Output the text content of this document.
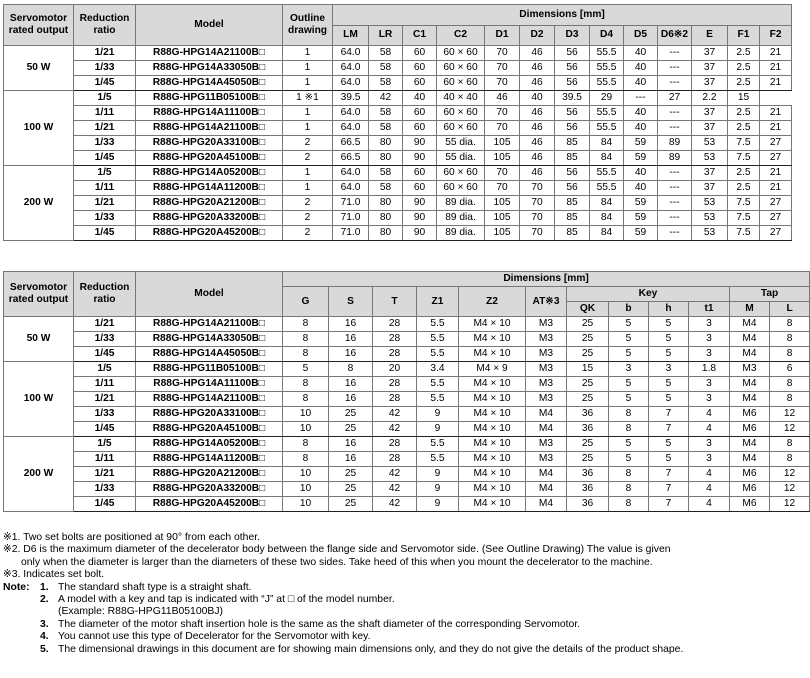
Servomotor rated output	Reduction ratio	Model	Outline drawing	Dimensions [mm]												
				LM	LR	C1	C2	D1	D2	D3	D4	D5	D6※2	E	F1	F2
50 W	1/21	R88G-HPG14A21100B□	1	64.0	58	60	60 × 60	70	46	56	55.5	40	---	37	2.5	21
	1/33	R88G-HPG14A33050B□	1	64.0	58	60	60 × 60	70	46	56	55.5	40	---	37	2.5	21
	1/45	R88G-HPG14A45050B□	1	64.0	58	60	60 × 60	70	46	56	55.5	40	---	37	2.5	21
100 W	1/5	R88G-HPG11B05100B□	1 ※1	39.5	42	40	40 × 40	46	40	39.5	29	---	27	2.2	15	
	1/11	R88G-HPG14A11100B□	1	64.0	58	60	60 × 60	70	46	56	55.5	40	---	37	2.5	21
	1/21	R88G-HPG14A21100B□	1	64.0	58	60	60 × 60	70	46	56	55.5	40	---	37	2.5	21
	1/33	R88G-HPG20A33100B□	2	66.5	80	90	55 dia.	105	46	85	84	59	89	53	7.5	27
	1/45	R88G-HPG20A45100B□	2	66.5	80	90	55 dia.	105	46	85	84	59	89	53	7.5	27
200 W	1/5	R88G-HPG14A05200B□	1	64.0	58	60	60 × 60	70	46	56	55.5	40	---	37	2.5	21
	1/11	R88G-HPG14A11200B□	1	64.0	58	60	60 × 60	70	70	56	55.5	40	---	37	2.5	21
	1/21	R88G-HPG20A21200B□	2	71.0	80	90	89 dia.	105	70	85	84	59	---	53	7.5	27
	1/33	R88G-HPG20A33200B□	2	71.0	80	90	89 dia.	105	70	85	84	59	---	53	7.5	27
	1/45	R88G-HPG20A45200B□	2	71.0	80	90	89 dia.	105	70	85	84	59	---	53	7.5	27
Servomotor rated output	Reduction ratio	Model	Dimensions [mm]											
			G	S	T	Z1	Z2	AT※3	Key				Tap	
									QK	b	h	t1	M	L
50 W	1/21	R88G-HPG14A21100B□	8	16	28	5.5	M4 × 10	M3	25	5	5	3	M4	8
	1/33	R88G-HPG14A33050B□	8	16	28	5.5	M4 × 10	M3	25	5	5	3	M4	8
	1/45	R88G-HPG14A45050B□	8	16	28	5.5	M4 × 10	M3	25	5	5	3	M4	8
100 W	1/5	R88G-HPG11B05100B□	5	8	20	3.4	M4 × 9	M3	15	3	3	1.8	M3	6
	1/11	R88G-HPG14A11100B□	8	16	28	5.5	M4 × 10	M3	25	5	5	3	M4	8
	1/21	R88G-HPG14A21100B□	8	16	28	5.5	M4 × 10	M3	25	5	5	3	M4	8
	1/33	R88G-HPG20A33100B□	10	25	42	9	M4 × 10	M4	36	8	7	4	M6	12
	1/45	R88G-HPG20A45100B□	10	25	42	9	M4 × 10	M4	36	8	7	4	M6	12
200 W	1/5	R88G-HPG14A05200B□	8	16	28	5.5	M4 × 10	M3	25	5	5	3	M4	8
	1/11	R88G-HPG14A11200B□	8	16	28	5.5	M4 × 10	M3	25	5	5	3	M4	8
	1/21	R88G-HPG20A21200B□	10	25	42	9	M4 × 10	M4	36	8	7	4	M6	12
	1/33	R88G-HPG20A33200B□	10	25	42	9	M4 × 10	M4	36	8	7	4	M6	12
	1/45	R88G-HPG20A45200B□	10	25	42	9	M4 × 10	M4	36	8	7	4	M6	12
※1. Two set bolts are positioned at 90° from each other.
※2. D6 is the maximum diameter of the decelerator body between the flange side and Servomotor side. (See Outline Drawing) The value is given
only when the diameter is larger than the diameters of these two sides. Take heed of this when you mount the decelerator to the machine.
※3. Indicates set bolt.
Note:	1. The standard shaft type is a straight shaft.
2. A model with a key and tap is indicated with “J” at □ of the model number.
(Example: R88G-HPG11B05100BJ)
3. The diameter of the motor shaft insertion hole is the same as the shaft diameter of the corresponding Servomotor.
4. You cannot use this type of Decelerator for the Servomotor with key.
5. The dimensional drawings in this document are for showing main dimensions only, and they do not give the details of the product shape.
